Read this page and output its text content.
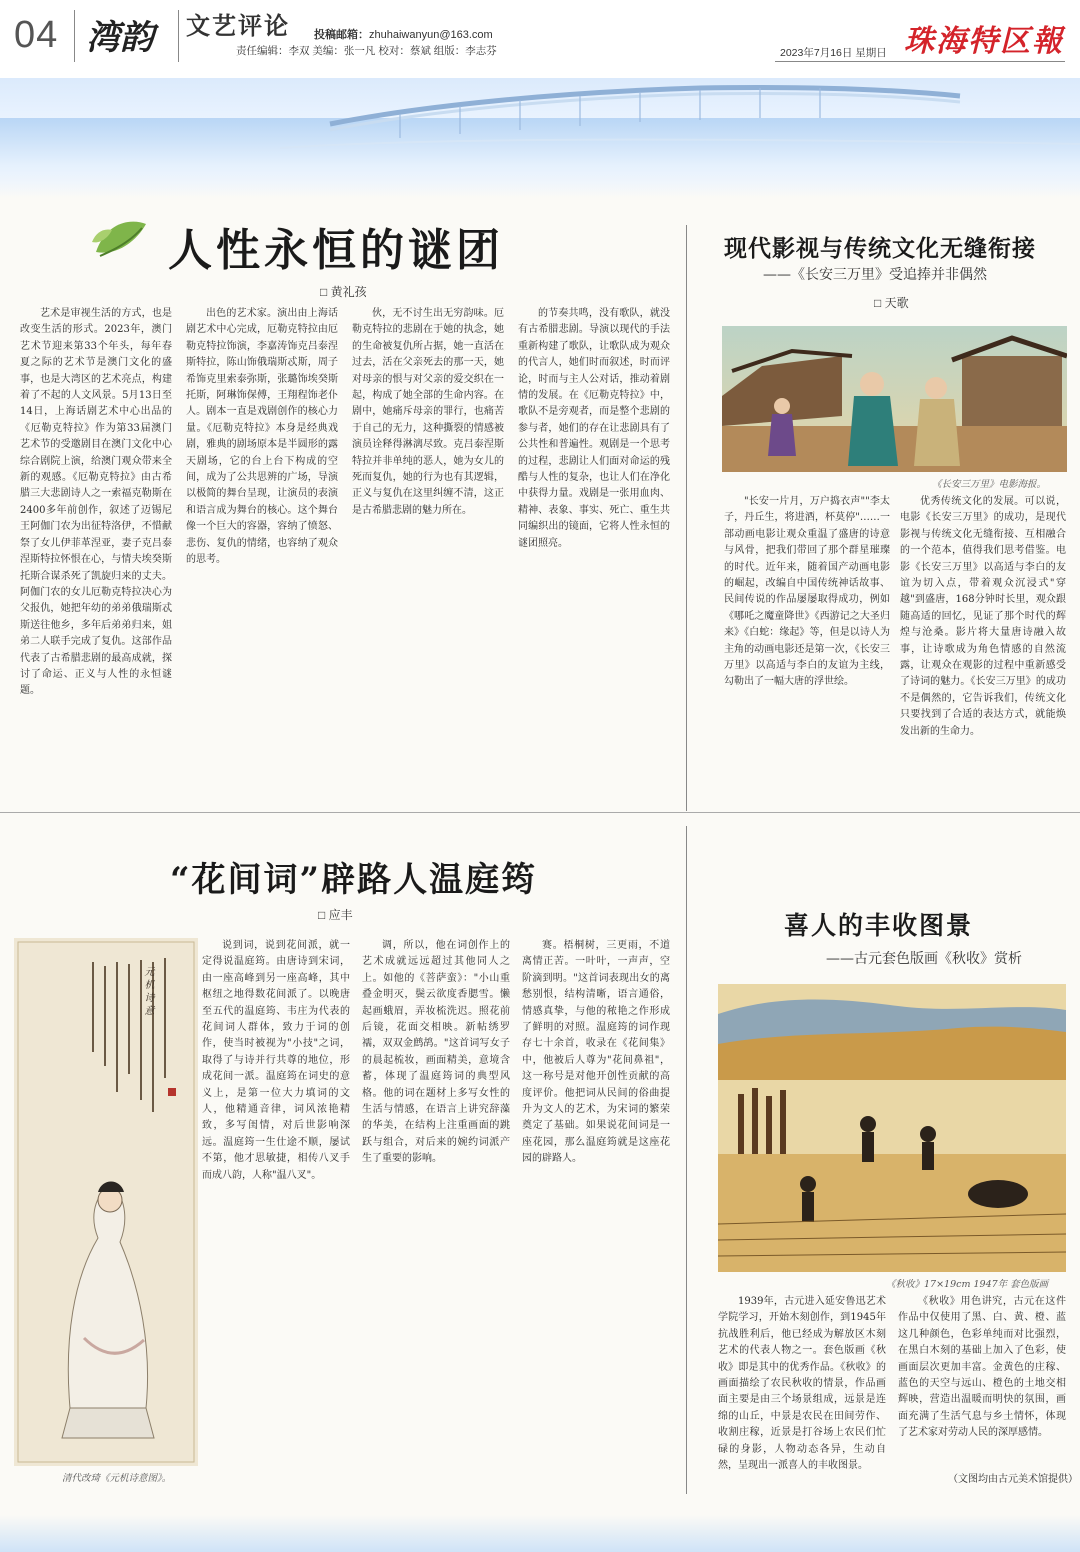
04 湾韵 文艺评论 投稿邮箱：zhuhaiwanyun@163.com
责任编辑：李双 美编：张一凡 校对：蔡斌 组版：李志芬	2023年7月16日 星期日 珠海特区報
人性永恒的谜团
□ 黄礼孩
艺术是审视生活的方式，也是改变生活的形式。2023年，澳门艺术节迎来第33个年头，每年春夏之际的艺术节是澳门文化的盛事，也是大湾区的艺术亮点，构建着了不起的人文风景。5月13日至14日，上海话剧艺术中心出品的《厄勒克特拉》作为第33届澳门艺术节的受邀剧目在澳门文化中心综合剧院上演，给澳门观众带来全新的观感。《厄勒克特拉》由古希腊三大悲剧诗人之一索福克勒斯在2400多年前创作，叙述了迈锡尼王阿伽门农为出征特洛伊，不惜献祭了女儿伊菲革涅亚，妻子克吕泰涅斯特拉怀恨在心，与情夫埃癸斯托斯合谋杀死了凯旋归来的丈夫。阿伽门农的女儿厄勒克特拉决心为父报仇，她把年幼的弟弟俄瑞斯忒斯送往他乡，多年后弟弟归来，姐弟二人联手完成了复仇。这部作品代表了古希腊悲剧的最高成就，探讨了命运、正义与人性的永恒谜题。
出色的艺术家。演出由上海话剧艺术中心完成，厄勒克特拉由厄勒克特拉饰演，李嘉涛饰克吕泰涅斯特拉，陈山饰俄瑞斯忒斯，周子希饰克里索泰弥斯，张璐饰埃癸斯托斯，阿琳饰保傅，王翔程饰老仆人。剧本一直是戏剧创作的核心力量。《厄勒克特拉》本身是经典戏剧，雅典的剧场原本是半圆形的露天剧场，它的台上台下构成的空间，成为了公共思辨的广场，导演以极简的舞台呈现，让演员的表演和语言成为舞台的核心。这个舞台像一个巨大的容器，容纳了愤怒、悲伤、复仇的情绪，也容纳了观众的思考。
伙，无不讨生出无穷韵味。厄勒克特拉的悲剧在于她的执念，她的生命被复仇所占据，她一直活在过去，活在父亲死去的那一天，她对母亲的恨与对父亲的爱交织在一起，构成了她全部的生命内容。在剧中，她痛斥母亲的罪行，也痛苦于自己的无力，这种撕裂的情感被演员诠释得淋漓尽致。克吕泰涅斯特拉并非单纯的恶人，她为女儿的死而复仇，她的行为也有其逻辑，正义与复仇在这里纠缠不清，这正是古希腊悲剧的魅力所在。
的节奏共鸣，没有歌队，就没有古希腊悲剧。导演以现代的手法重新构建了歌队，让歌队成为观众的代言人，她们时而叙述，时而评论，时而与主人公对话，推动着剧情的发展。在《厄勒克特拉》中，歌队不是旁观者，而是整个悲剧的参与者，她们的存在让悲剧具有了公共性和普遍性。观剧是一个思考的过程，悲剧让人们面对命运的残酷与人性的复杂，也让人们在净化中获得力量。戏剧是一张用血肉、精神、表象、事实、死亡、重生共同编织出的镜面，它将人性永恒的谜团照亮。
现代影视与传统文化无缝衔接
——《长安三万里》受追捧并非偶然
□ 天歌
《长安三万里》电影海报。
"长安一片月，万户捣衣声""李太子，丹丘生，将进酒，杯莫停"……一部动画电影让观众重温了盛唐的诗意与风骨，把我们带回了那个群星璀璨的时代。近年来，随着国产动画电影的崛起，改编自中国传统神话故事、民间传说的作品屡屡取得成功，例如《哪吒之魔童降世》《西游记之大圣归来》《白蛇：缘起》等，但是以诗人为主角的动画电影还是第一次，《长安三万里》以高适与李白的友谊为主线，勾勒出了一幅大唐的浮世绘。
优秀传统文化的发展。可以说，电影《长安三万里》的成功，是现代影视与传统文化无缝衔接、互相融合的一个范本，值得我们思考借鉴。电影《长安三万里》以高适与李白的友谊为切入点，带着观众沉浸式"穿越"到盛唐，168分钟时长里，观众跟随高适的回忆，见证了那个时代的辉煌与沧桑。影片将大量唐诗融入故事，让诗歌成为角色情感的自然流露，让观众在观影的过程中重新感受了诗词的魅力。《长安三万里》的成功不是偶然的，它告诉我们，传统文化只要找到了合适的表达方式，就能焕发出新的生命力。
“花间词”辟路人温庭筠
□ 应丰
元机诗意
清代改琦《元机诗意图》。
说到词，说到花间派，就一定得说温庭筠。由唐诗到宋词，由一座高峰到另一座高峰，其中枢纽之地得数花间派了。以晚唐至五代的温庭筠、韦庄为代表的花间词人群体，致力于词的创作，使当时被视为"小技"之词，取得了与诗并行共尊的地位，形成花间一派。温庭筠在词史的意义上，是第一位大力填词的文人，他精通音律，词风浓艳精致，多写闺情，对后世影响深远。温庭筠一生仕途不顺，屡试不第，他才思敏捷，相传八叉手而成八韵，人称"温八叉"。
调，所以，他在词创作上的艺术成就远远超过其他同人之上。如他的《菩萨蛮》："小山重叠金明灭，鬓云欲度香腮雪。懒起画蛾眉，弄妆梳洗迟。照花前后镜，花面交相映。新帖绣罗襦，双双金鹧鸪。"这首词写女子的晨起梳妆，画面精美，意境含蓄，体现了温庭筠词的典型风格。他的词在题材上多写女性的生活与情感，在语言上讲究辞藻的华美，在结构上注重画面的跳跃与组合，对后来的婉约词派产生了重要的影响。
赛。梧桐树，三更雨，不道离情正苦。一叶叶，一声声，空阶滴到明。"这首词表现出女的离愁别恨，结构清晰，语言通俗，情感真挚，与他的秾艳之作形成了鲜明的对照。温庭筠的词作现存七十余首，收录在《花间集》中，他被后人尊为"花间鼻祖"，这一称号是对他开创性贡献的高度评价。他把词从民间的俗曲提升为文人的艺术，为宋词的繁荣奠定了基础。如果说花间词是一座花园，那么温庭筠就是这座花园的辟路人。
喜人的丰收图景
——古元套色版画《秋收》赏析
《秋收》17×19cm 1947年 套色版画
1939年，古元进入延安鲁迅艺术学院学习，开始木刻创作，到1945年抗战胜利后，他已经成为解放区木刻艺术的代表人物之一。套色版画《秋收》即是其中的优秀作品。《秋收》的画面描绘了农民秋收的情景，作品画面主要是由三个场景组成，远景是连绵的山丘，中景是农民在田间劳作、收割庄稼，近景是打谷场上农民们忙碌的身影，人物动态各异，生动自然，呈现出一派喜人的丰收图景。
《秋收》用色讲究，古元在这件作品中仅使用了黑、白、黄、橙、蓝这几种颜色，色彩单纯而对比强烈，在黑白木刻的基础上加入了色彩，使画面层次更加丰富。金黄色的庄稼、蓝色的天空与远山、橙色的土地交相辉映，营造出温暖而明快的氛围，画面充满了生活气息与乡土情怀，体现了艺术家对劳动人民的深厚感情。
（文图均由古元美术馆提供）
